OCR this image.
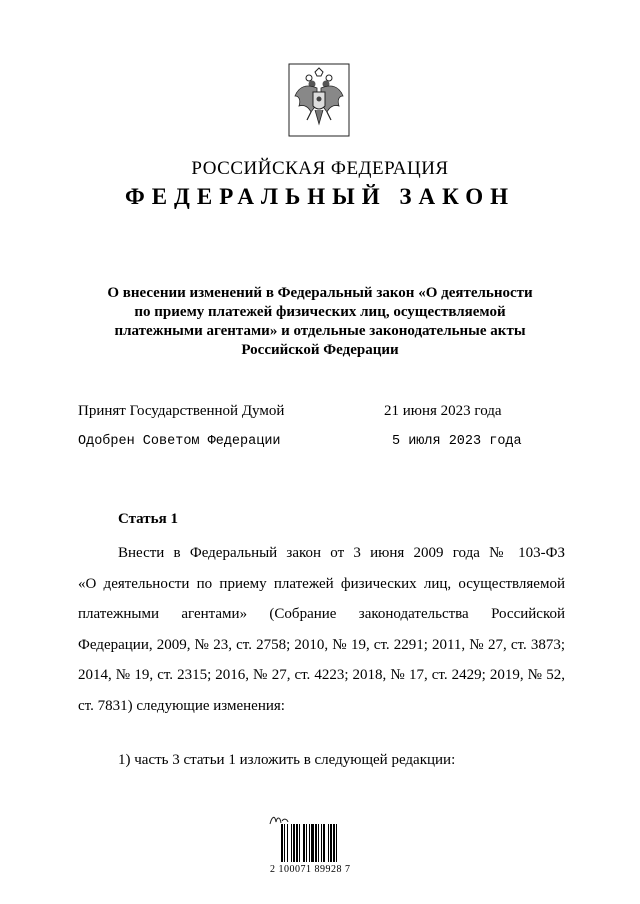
РОССИЙСКАЯ ФЕДЕРАЦИЯ
ФЕДЕРАЛЬНЫЙ ЗАКОН
О внесении изменений в Федеральный закон «О деятельности
по приему платежей физических лиц, осуществляемой
платежными агентами» и отдельные законодательные акты
Российской Федерации
Принят Государственной Думой	21 июня 2023 года
Одобрен Советом Федерации	5 июля 2023 года
Статья 1
Внести в Федеральный закон от 3 июня 2009 года № 103-ФЗ
«О деятельности по приему платежей физических лиц, осуществляемой
платежными агентами» (Собрание законодательства Российской
Федерации, 2009, № 23, ст. 2758; 2010, № 19, ст. 2291; 2011, № 27, ст. 3873;
2014, № 19, ст. 2315; 2016, № 27, ст. 4223; 2018, № 17, ст. 2429; 2019, № 52,
ст. 7831) следующие изменения:
1) часть 3 статьи 1 изложить в следующей редакции:
2 100071 89928 7
